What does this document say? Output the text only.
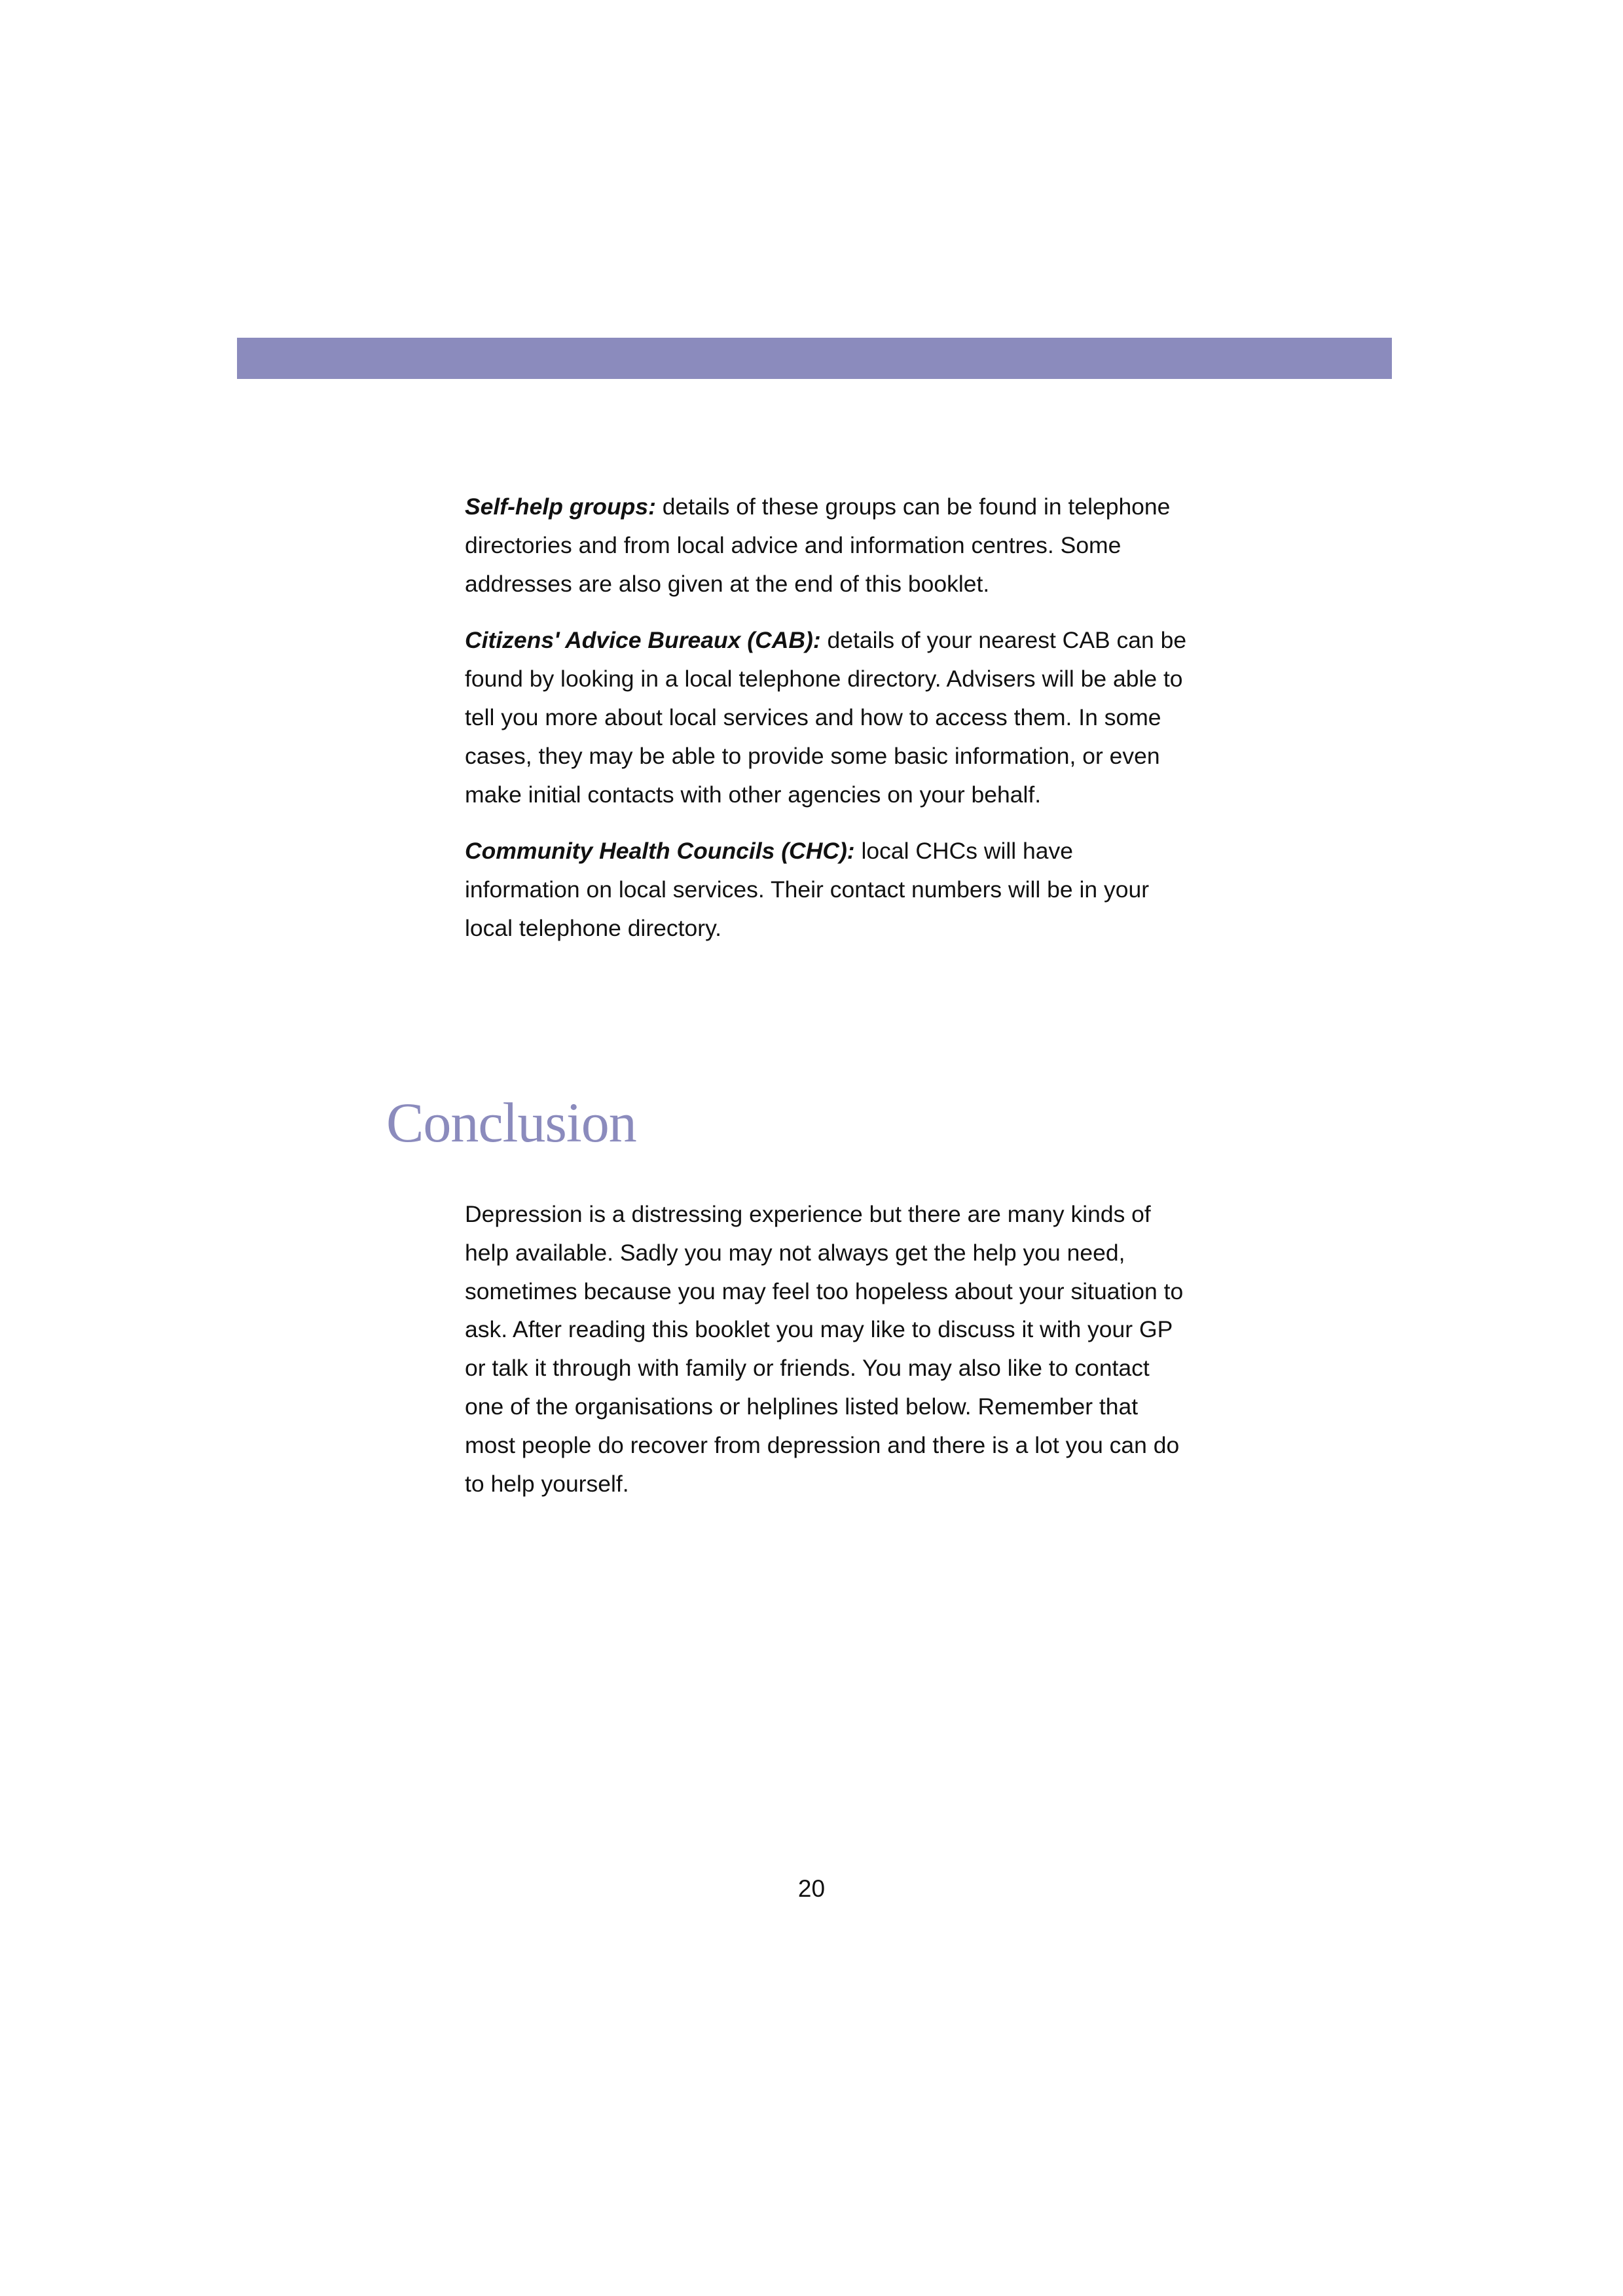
Self-help groups: details of these groups can be found in telephone directories and from local advice and information centres. Some addresses are also given at the end of this booklet.

Citizens' Advice Bureaux (CAB): details of your nearest CAB can be found by looking in a local telephone directory. Advisers will be able to tell you more about local services and how to access them. In some cases, they may be able to provide some basic information, or even make initial contacts with other agencies on your behalf.

Community Health Councils (CHC): local CHCs will have information on local services. Their contact numbers will be in your local telephone directory.

Conclusion

Depression is a distressing experience but there are many kinds of help available. Sadly you may not always get the help you need, sometimes because you may feel too hopeless about your situation to ask. After reading this booklet you may like to discuss it with your GP or talk it through with family or friends. You may also like to contact one of the organisations or helplines listed below. Remember that most people do recover from depression and there is a lot you can do to help yourself.

20
